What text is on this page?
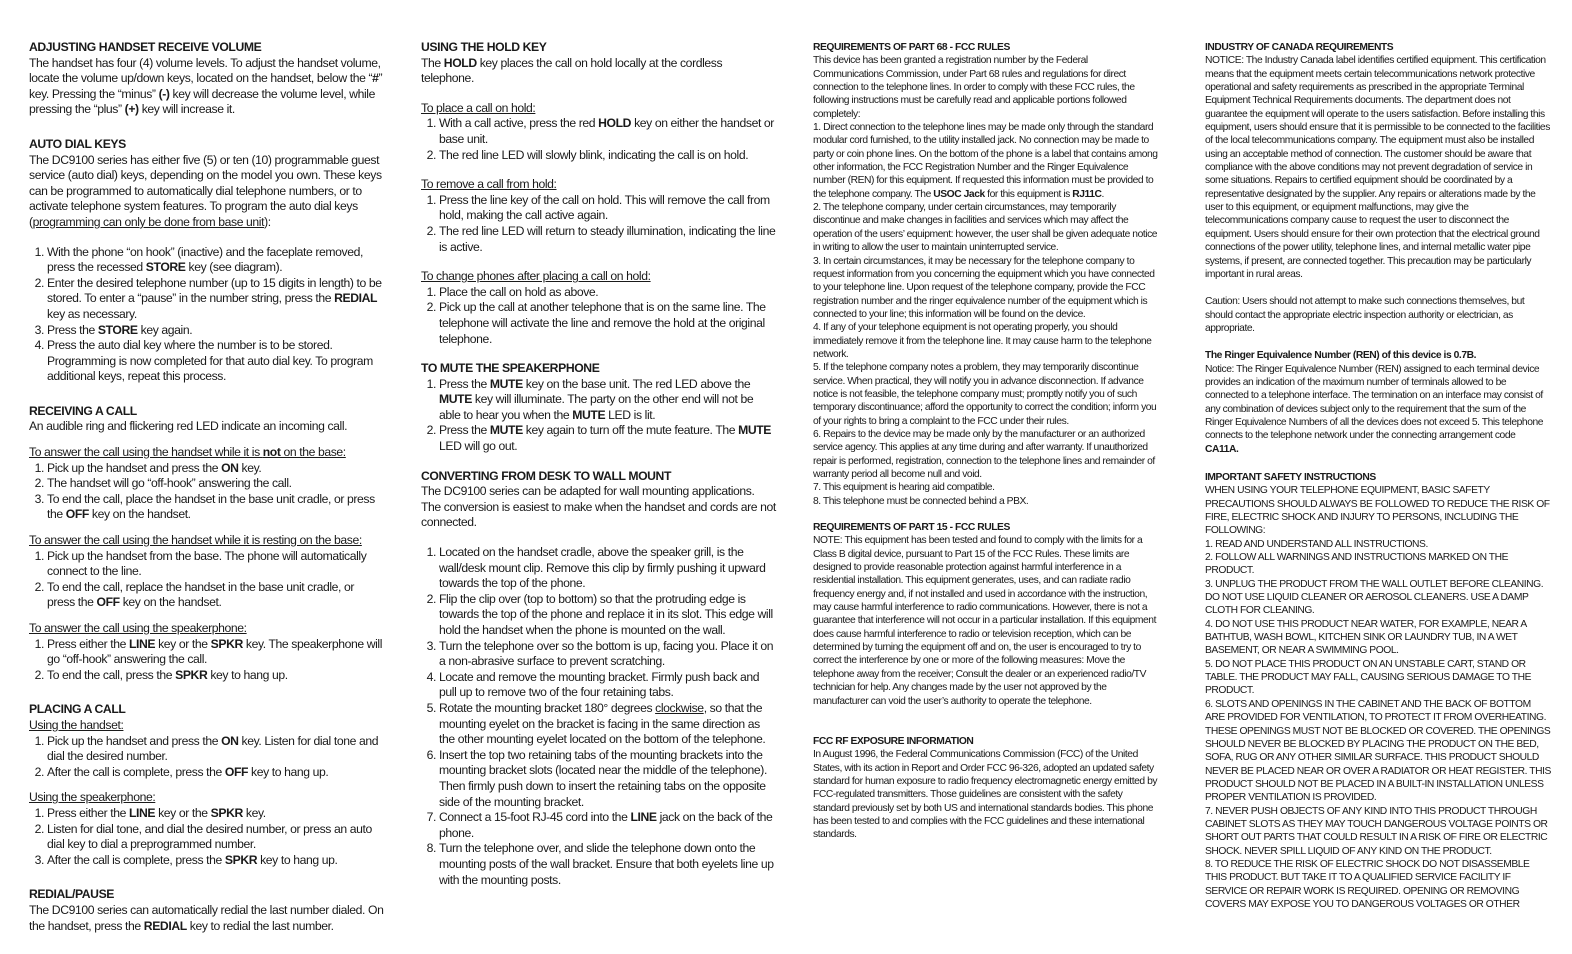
ADJUSTING HANDSET RECEIVE VOLUME

The handset has four (4) volume levels. To adjust the handset volume, locate the volume up/down keys, located on the handset, below the “#” key. Pressing the “minus” (-) key will decrease the volume level, while pressing the “plus” (+) key will increase it.

AUTO DIAL KEYS

The DC9100 series has either five (5) or ten (10) programmable guest service (auto dial) keys, depending on the model you own. These keys can be programmed to automatically dial telephone numbers, or to activate telephone system features. To program the auto dial keys (programming can only be done from base unit):

1. With the phone “on hook” (inactive) and the faceplate removed, press the recessed STORE key (see diagram).
2. Enter the desired telephone number (up to 15 digits in length) to be stored. To enter a “pause” in the number string, press the REDIAL key as necessary.
3. Press the STORE key again.
4. Press the auto dial key where the number is to be stored. Programming is now completed for that auto dial key. To program additional keys, repeat this process.
RECEIVING A CALL

An audible ring and flickering red LED indicate an incoming call.

To answer the call using the handset while it is not on the base:
1. Pick up the handset and press the ON key.
2. The handset will go “off-hook” answering the call.
3. To end the call, place the handset in the base unit cradle, or press the OFF key on the handset.
To answer the call using the handset while it is resting on the base:
1. Pick up the handset from the base. The phone will automatically connect to the line.
2. To end the call, replace the handset in the base unit cradle, or press the OFF key on the handset.
To answer the call using the speakerphone:
1. Press either the LINE key or the SPKR key. The speakerphone will go “off-hook” answering the call.
2. To end the call, press the SPKR key to hang up.
PLACING A CALL
Using the handset:
1. Pick up the handset and press the ON key. Listen for dial tone and dial the desired number.
2. After the call is complete, press the OFF key to hang up.
Using the speakerphone:
1. Press either the LINE key or the SPKR key.
2. Listen for dial tone, and dial the desired number, or press an auto dial key to dial a preprogrammed number.
3. After the call is complete, press the SPKR key to hang up.
REDIAL/PAUSE

The DC9100 series can automatically redial the last number dialed. On the handset, press the REDIAL key to redial the last number.

USING THE HOLD KEY

The HOLD key places the call on hold locally at the cordless telephone.

To place a call on hold:
1. With a call active, press the red HOLD key on either the handset or base unit.
2. The red line LED will slowly blink, indicating the call is on hold.
To remove a call from hold:
1. Press the line key of the call on hold. This will remove the call from hold, making the call active again.
2. The red line LED will return to steady illumination, indicating the line is active.
To change phones after placing a call on hold:
1. Place the call on hold as above.
2. Pick up the call at another telephone that is on the same line. The telephone will activate the line and remove the hold at the original telephone.
TO MUTE THE SPEAKERPHONE
1. Press the MUTE key on the base unit. The red LED above the MUTE key will illuminate. The party on the other end will not be able to hear you when the MUTE LED is lit.
2. Press the MUTE key again to turn off the mute feature. The MUTE LED will go out.
CONVERTING FROM DESK TO WALL MOUNT

The DC9100 series can be adapted for wall mounting applications. The conversion is easiest to make when the handset and cords are not connected.

1. Located on the handset cradle, above the speaker grill, is the wall/desk mount clip. Remove this clip by firmly pushing it upward towards the top of the phone.
2. Flip the clip over (top to bottom) so that the protruding edge is towards the top of the phone and replace it in its slot. This edge will hold the handset when the phone is mounted on the wall.
3. Turn the telephone over so the bottom is up, facing you. Place it on a non-abrasive surface to prevent scratching.
4. Locate and remove the mounting bracket. Firmly push back and pull up to remove two of the four retaining tabs.
5. Rotate the mounting bracket 180° degrees clockwise, so that the mounting eyelet on the bracket is facing in the same direction as the other mounting eyelet located on the bottom of the telephone.
6. Insert the top two retaining tabs of the mounting brackets into the mounting bracket slots (located near the middle of the telephone). Then firmly push down to insert the retaining tabs on the opposite side of the mounting bracket.
7. Connect a 15-foot RJ-45 cord into the LINE jack on the back of the phone.
8. Turn the telephone over, and slide the telephone down onto the mounting posts of the wall bracket. Ensure that both eyelets line up with the mounting posts.
REQUIREMENTS OF PART 68 - FCC RULES

This device has been granted a registration number by the Federal Communications Commission, under Part 68 rules and regulations for direct connection to the telephone lines. In order to comply with these FCC rules, the following instructions must be carefully read and applicable portions followed completely:

1. Direct connection to the telephone lines may be made only through the standard modular cord furnished, to the utility installed jack. No connection may be made to party or coin phone lines. On the bottom of the phone is a label that contains among other information, the FCC Registration Number and the Ringer Equivalence number (REN) for this equipment. If requested this information must be provided to the telephone company. The USOC Jack for this equipment is RJ11C.

2. The telephone company, under certain circumstances, may temporarily discontinue and make changes in facilities and services which may affect the operation of the users’ equipment: however, the user shall be given adequate notice in writing to allow the user to maintain uninterrupted service.

3. In certain circumstances, it may be necessary for the telephone company to request information from you concerning the equipment which you have connected to your telephone line. Upon request of the telephone company, provide the FCC registration number and the ringer equivalence number of the equipment which is connected to your line; this information will be found on the device.

4. If any of your telephone equipment is not operating properly, you should immediately remove it from the telephone line. It may cause harm to the telephone network.

5. If the telephone company notes a problem, they may temporarily discontinue service. When practical, they will notify you in advance disconnection. If advance notice is not feasible, the telephone company must; promptly notify you of such temporary discontinuance; afford the opportunity to correct the condition; inform you of your rights to bring a complaint to the FCC under their rules.

6. Repairs to the device may be made only by the manufacturer or an authorized service agency. This applies at any time during and after warranty. If unauthorized repair is performed, registration, connection to the telephone lines and remainder of warranty period all become null and void.

7. This equipment is hearing aid compatible.

8. This telephone must be connected behind a PBX.

REQUIREMENTS OF PART 15 - FCC RULES

NOTE: This equipment has been tested and found to comply with the limits for a Class B digital device, pursuant to Part 15 of the FCC Rules. These limits are designed to provide reasonable protection against harmful interference in a residential installation. This equipment generates, uses, and can radiate radio frequency energy and, if not installed and used in accordance with the instruction, may cause harmful interference to radio communications. However, there is not a guarantee that interference will not occur in a particular installation. If this equipment does cause harmful interference to radio or television reception, which can be determined by turning the equipment off and on, the user is encouraged to try to correct the interference by one or more of the following measures: Move the telephone away from the receiver; Consult the dealer or an experienced radio/TV technician for help. Any changes made by the user not approved by the manufacturer can void the user’s authority to operate the telephone.

FCC RF EXPOSURE INFORMATION

In August 1996, the Federal Communications Commission (FCC) of the United States, with its action in Report and Order FCC 96-326, adopted an updated safety standard for human exposure to radio frequency electromagnetic energy emitted by FCC-regulated transmitters. Those guidelines are consistent with the safety standard previously set by both US and international standards bodies. This phone has been tested to and complies with the FCC guidelines and these international standards.

INDUSTRY OF CANADA REQUIREMENTS

NOTICE: The Industry Canada label identifies certified equipment. This certification means that the equipment meets certain telecommunications network protective operational and safety requirements as prescribed in the appropriate Terminal Equipment Technical Requirements documents. The department does not guarantee the equipment will operate to the users satisfaction. Before installing this equipment, users should ensure that it is permissible to be connected to the facilities of the local telecommunications company. The equipment must also be installed using an acceptable method of connection. The customer should be aware that compliance with the above conditions may not prevent degradation of service in some situations. Repairs to certified equipment should be coordinated by a representative designated by the supplier. Any repairs or alterations made by the user to this equipment, or equipment malfunctions, may give the telecommunications company cause to request the user to disconnect the equipment. Users should ensure for their own protection that the electrical ground connections of the power utility, telephone lines, and internal metallic water pipe systems, if present, are connected together. This precaution may be particularly important in rural areas.

Caution: Users should not attempt to make such connections themselves, but should contact the appropriate electric inspection authority or electrician, as appropriate.

The Ringer Equivalence Number (REN) of this device is 0.7B.

Notice: The Ringer Equivalence Number (REN) assigned to each terminal device provides an indication of the maximum number of terminals allowed to be connected to a telephone interface. The termination on an interface may consist of any combination of devices subject only to the requirement that the sum of the Ringer Equivalence Numbers of all the devices does not exceed 5. This telephone connects to the telephone network under the connecting arrangement code CA11A.

IMPORTANT SAFETY INSTRUCTIONS

WHEN USING YOUR TELEPHONE EQUIPMENT, BASIC SAFETY PRECAUTIONS SHOULD ALWAYS BE FOLLOWED TO REDUCE THE RISK OF FIRE, ELECTRIC SHOCK AND INJURY TO PERSONS, INCLUDING THE FOLLOWING:

1. READ AND UNDERSTAND ALL INSTRUCTIONS.

2. FOLLOW ALL WARNINGS AND INSTRUCTIONS MARKED ON THE PRODUCT.

3. UNPLUG THE PRODUCT FROM THE WALL OUTLET BEFORE CLEANING. DO NOT USE LIQUID CLEANER OR AEROSOL CLEANERS. USE A DAMP CLOTH FOR CLEANING.

4. DO NOT USE THIS PRODUCT NEAR WATER, FOR EXAMPLE, NEAR A BATHTUB, WASH BOWL, KITCHEN SINK OR LAUNDRY TUB, IN A WET BASEMENT, OR NEAR A SWIMMING POOL.

5. DO NOT PLACE THIS PRODUCT ON AN UNSTABLE CART, STAND OR TABLE. THE PRODUCT MAY FALL, CAUSING SERIOUS DAMAGE TO THE PRODUCT.

6. SLOTS AND OPENINGS IN THE CABINET AND THE BACK OF BOTTOM ARE PROVIDED FOR VENTILATION, TO PROTECT IT FROM OVERHEATING. THESE OPENINGS MUST NOT BE BLOCKED OR COVERED. THE OPENINGS SHOULD NEVER BE BLOCKED BY PLACING THE PRODUCT ON THE BED, SOFA, RUG OR ANY OTHER SIMILAR SURFACE. THIS PRODUCT SHOULD NEVER BE PLACED NEAR OR OVER A RADIATOR OR HEAT REGISTER. THIS PRODUCT SHOULD NOT BE PLACED IN A BUILT-IN INSTALLATION UNLESS PROPER VENTILATION IS PROVIDED.

7. NEVER PUSH OBJECTS OF ANY KIND INTO THIS PRODUCT THROUGH CABINET SLOTS AS THEY MAY TOUCH DANGEROUS VOLTAGE POINTS OR SHORT OUT PARTS THAT COULD RESULT IN A RISK OF FIRE OR ELECTRIC SHOCK. NEVER SPILL LIQUID OF ANY KIND ON THE PRODUCT.

8. TO REDUCE THE RISK OF ELECTRIC SHOCK DO NOT DISASSEMBLE THIS PRODUCT. BUT TAKE IT TO A QUALIFIED SERVICE FACILITY IF SERVICE OR REPAIR WORK IS REQUIRED. OPENING OR REMOVING COVERS MAY EXPOSE YOU TO DANGEROUS VOLTAGES OR OTHER
